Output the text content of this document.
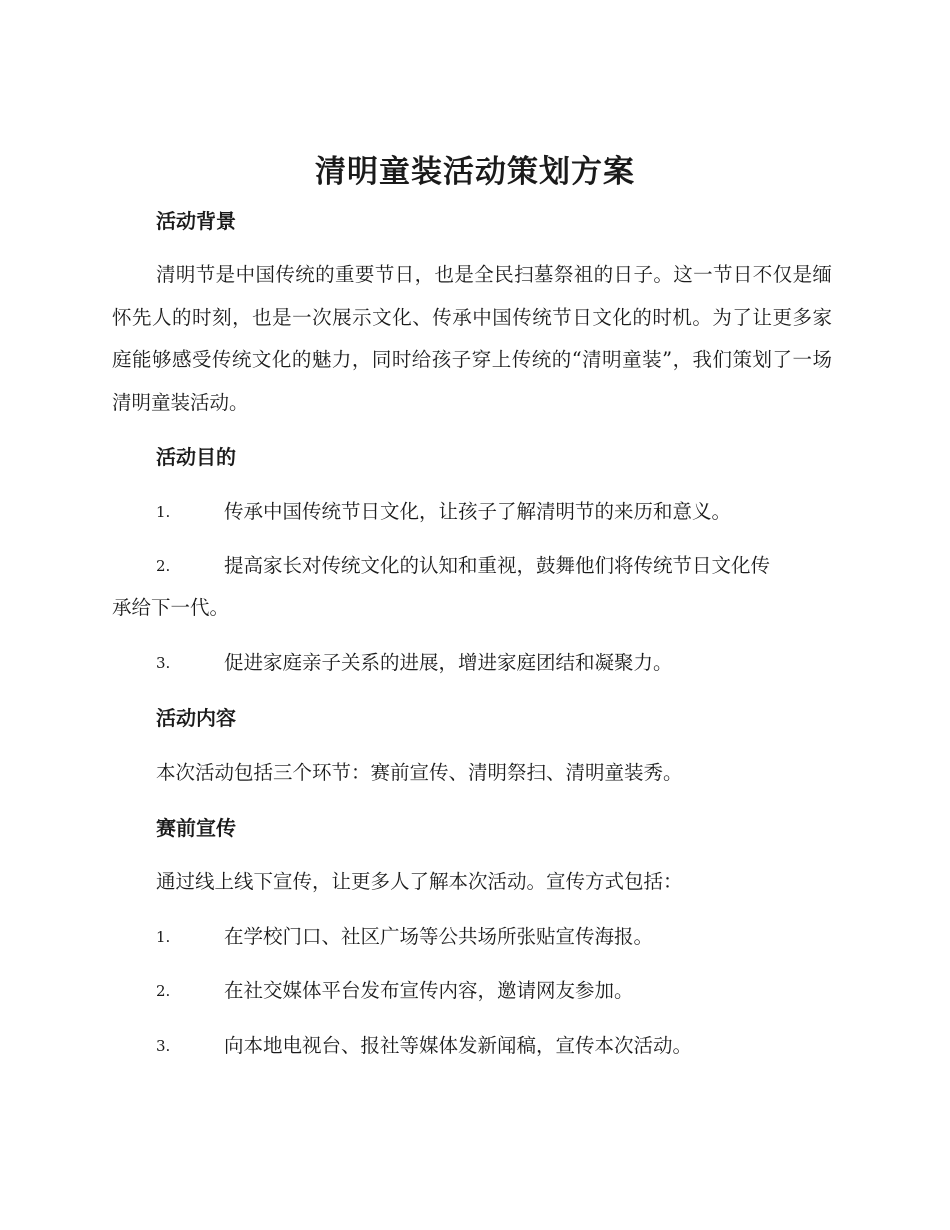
清明童装活动策划方案
活动背景
清明节是中国传统的重要节日，也是全民扫墓祭祖的日子。这一节日不仅是缅怀先人的时刻，也是一次展示文化、传承中国传统节日文化的时机。为了让更多家庭能够感受传统文化的魅力，同时给孩子穿上传统的“清明童装”，我们策划了一场清明童装活动。
活动目的
1.	传承中国传统节日文化，让孩子了解清明节的来历和意义。
2.	提高家长对传统文化的认知和重视，鼓舞他们将传统节日文化传
承给下一代。
3.	促进家庭亲子关系的进展，增进家庭团结和凝聚力。
活动内容
本次活动包括三个环节：赛前宣传、清明祭扫、清明童装秀。
赛前宣传
通过线上线下宣传，让更多人了解本次活动。宣传方式包括：
1.	在学校门口、社区广场等公共场所张贴宣传海报。
2.	在社交媒体平台发布宣传内容，邀请网友参加。
3.	向本地电视台、报社等媒体发新闻稿，宣传本次活动。
